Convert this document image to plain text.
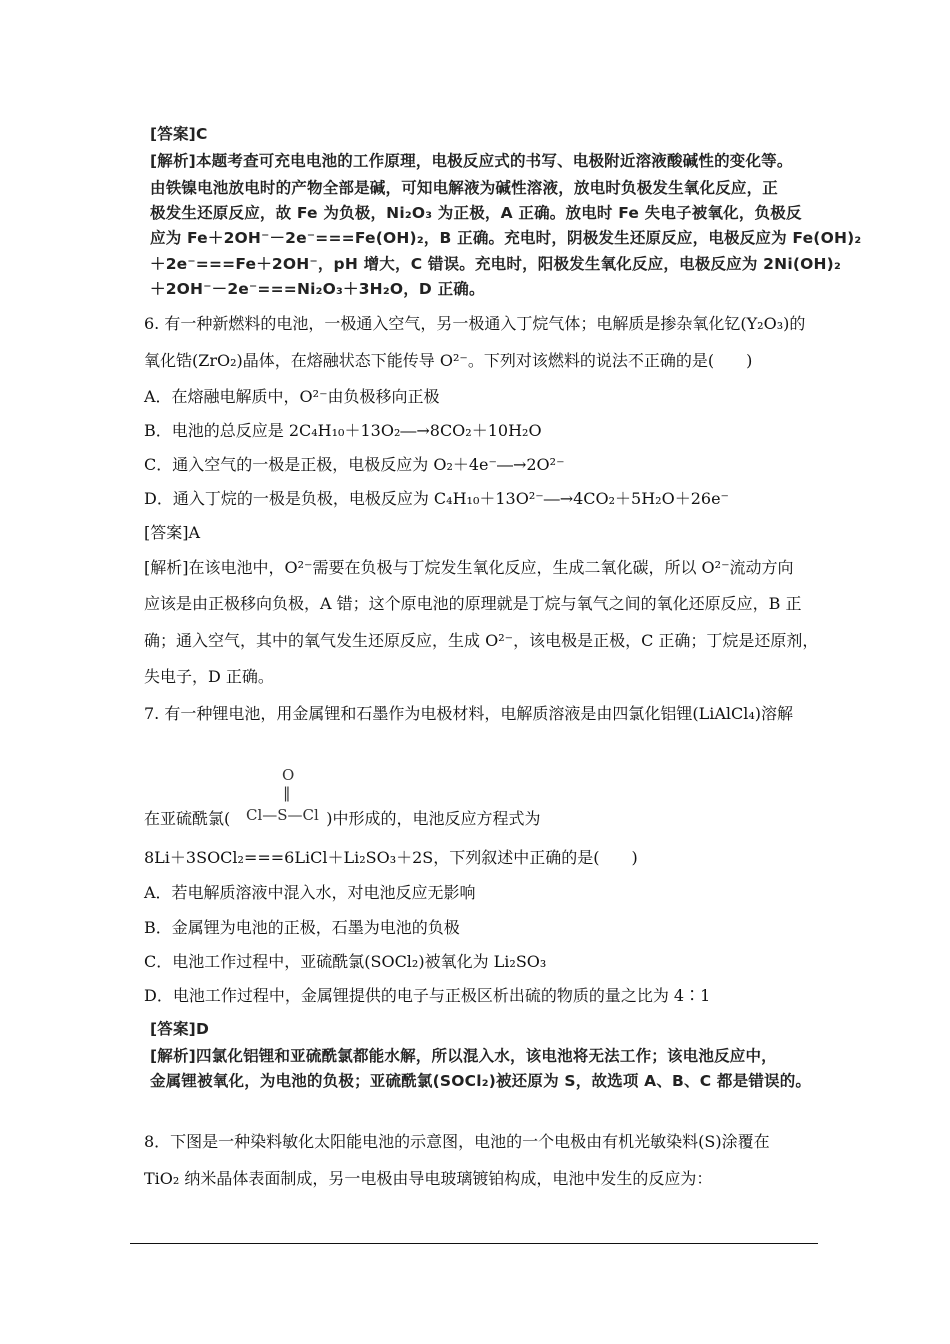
[答案]C
[解析]本题考查可充电电池的工作原理，电极反应式的书写、电极附近溶液酸碱性的变化等。
由铁镍电池放电时的产物全部是碱，可知电解液为碱性溶液，放电时负极发生氧化反应，正
极发生还原反应，故 Fe 为负极，Ni₂O₃ 为正极，A 正确。放电时 Fe 失电子被氧化，负极反
应为 Fe＋2OH⁻－2e⁻===Fe(OH)₂，B 正确。充电时，阴极发生还原反应，电极反应为 Fe(OH)₂
＋2e⁻===Fe＋2OH⁻，pH 增大，C 错误。充电时，阳极发生氧化反应，电极反应为 2Ni(OH)₂
＋2OH⁻－2e⁻===Ni₂O₃＋3H₂O，D 正确。
6. 有一种新燃料的电池，一极通入空气，另一极通入丁烷气体；电解质是掺杂氧化钇(Y₂O₃)的
氧化锆(ZrO₂)晶体，在熔融状态下能传导 O²⁻。下列对该燃料的说法不正确的是(　　)
A．在熔融电解质中，O²⁻由负极移向正极
B．电池的总反应是 2C₄H₁₀＋13O₂―→8CO₂＋10H₂O
C．通入空气的一极是正极，电极反应为 O₂＋4e⁻―→2O²⁻
D．通入丁烷的一极是负极，电极反应为 C₄H₁₀＋13O²⁻―→4CO₂＋5H₂O＋26e⁻
[答案]A
[解析]在该电池中，O²⁻需要在负极与丁烷发生氧化反应，生成二氧化碳，所以 O²⁻流动方向
应该是由正极移向负极，A 错；这个原电池的原理就是丁烷与氧气之间的氧化还原反应，B 正
确；通入空气，其中的氧气发生还原反应，生成 O²⁻，该电极是正极，C 正确；丁烷是还原剂，
失电子，D 正确。
7. 有一种锂电池，用金属锂和石墨作为电极材料，电解质溶液是由四氯化铝锂(LiAlCl₄)溶解
在亚硫酰氯(	)中形成的，电池反应方程式为
O
‖
Cl—S—Cl
8Li＋3SOCl₂===6LiCl＋Li₂SO₃＋2S，下列叙述中正确的是(　　)
A．若电解质溶液中混入水，对电池反应无影响
B．金属锂为电池的正极，石墨为电池的负极
C．电池工作过程中，亚硫酰氯(SOCl₂)被氧化为 Li₂SO₃
D．电池工作过程中，金属锂提供的电子与正极区析出硫的物质的量之比为 4∶1
[答案]D
[解析]四氯化铝锂和亚硫酰氯都能水解，所以混入水，该电池将无法工作；该电池反应中，
金属锂被氧化，为电池的负极；亚硫酰氯(SOCl₂)被还原为 S，故选项 A、B、C 都是错误的。
8．下图是一种染料敏化太阳能电池的示意图，电池的一个电极由有机光敏染料(S)涂覆在
TiO₂ 纳米晶体表面制成，另一电极由导电玻璃镀铂构成，电池中发生的反应为：
